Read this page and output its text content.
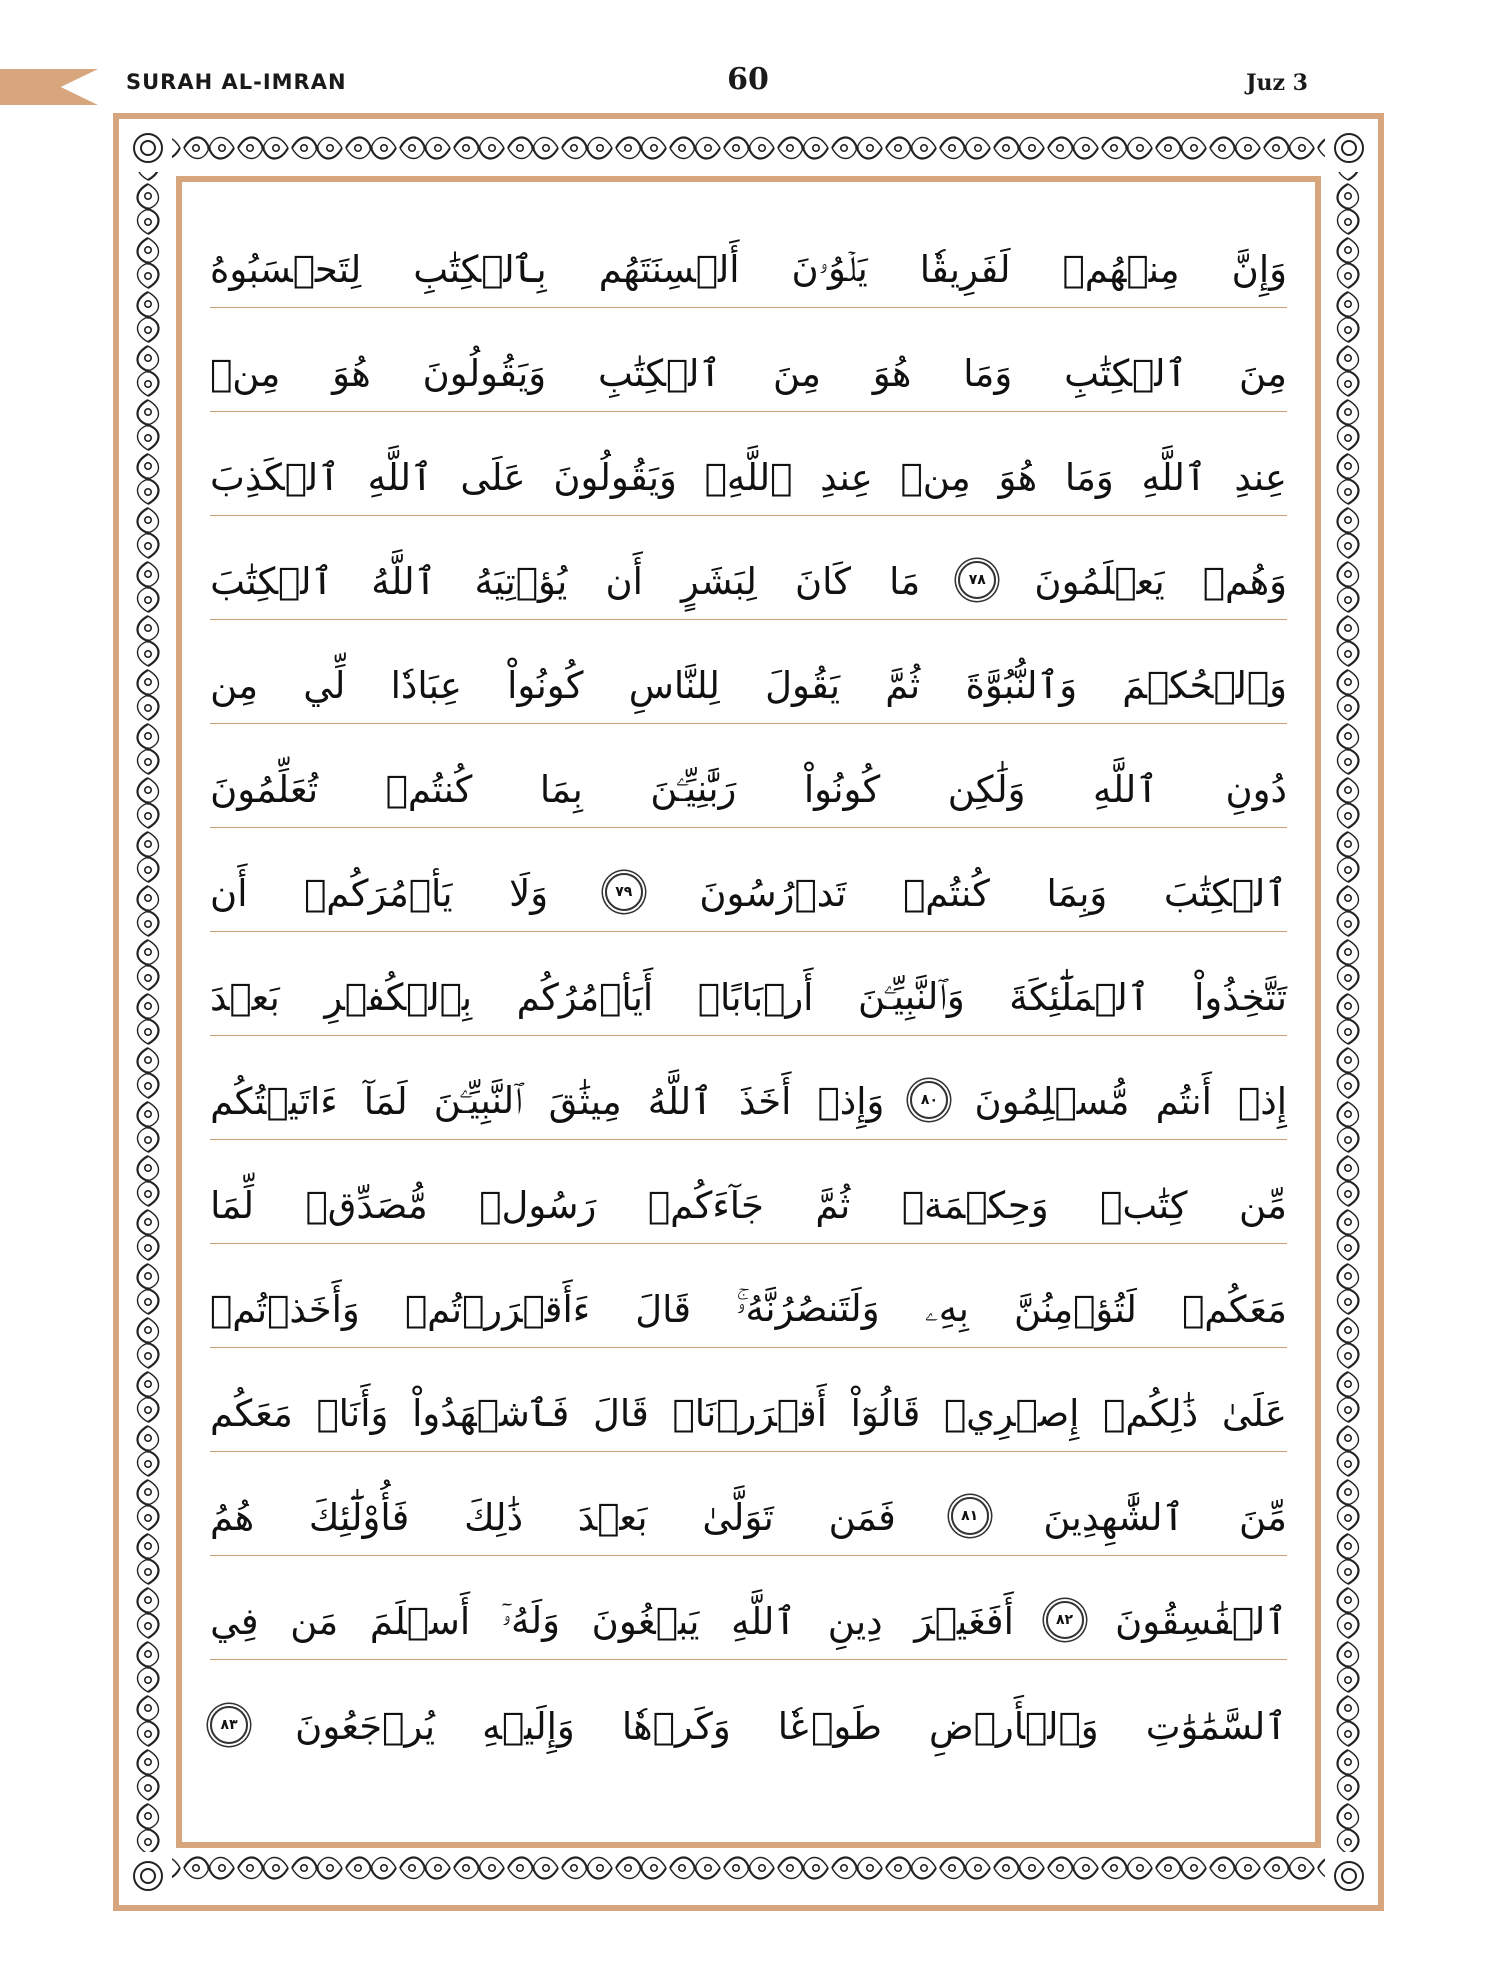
SURAH AL-IMRAN	60	Juz 3
وَإِنَّ
مِنۡهُمۡ
لَفَرِيقٗا
يَلۡوُۥنَ
أَلۡسِنَتَهُم
بِٱلۡكِتَٰبِ
لِتَحۡسَبُوهُ
مِنَ
ٱلۡكِتَٰبِ
وَمَا
هُوَ
مِنَ
ٱلۡكِتَٰبِ
وَيَقُولُونَ
هُوَ
مِنۡ
عِندِ
ٱللَّهِ
وَمَا
هُوَ
مِنۡ
عِندِ
ٱللَّهِۖ
وَيَقُولُونَ
عَلَى
ٱللَّهِ
ٱلۡكَذِبَ
وَهُمۡ
يَعۡلَمُونَ
٧٨
مَا
كَانَ
لِبَشَرٍ
أَن
يُؤۡتِيَهُ
ٱللَّهُ
ٱلۡكِتَٰبَ
وَٱلۡحُكۡمَ
وَٱلنُّبُوَّةَ
ثُمَّ
يَقُولَ
لِلنَّاسِ
كُونُواْ
عِبَادٗا
لِّي
مِن
دُونِ
ٱللَّهِ
وَلَٰكِن
كُونُواْ
رَبَّٰنِيِّـۧنَ
بِمَا
كُنتُمۡ
تُعَلِّمُونَ
ٱلۡكِتَٰبَ
وَبِمَا
كُنتُمۡ
تَدۡرُسُونَ
٧٩
وَلَا
يَأۡمُرَكُمۡ
أَن
تَتَّخِذُواْ
ٱلۡمَلَٰٓئِكَةَ
وَٱلنَّبِيِّـۧنَ
أَرۡبَابًاۚ
أَيَأۡمُرُكُم
بِٱلۡكُفۡرِ
بَعۡدَ
إِذۡ
أَنتُم
مُّسۡلِمُونَ
٨٠
وَإِذۡ
أَخَذَ
ٱللَّهُ
مِيثَٰقَ
ٱلنَّبِيِّـۧنَ
لَمَآ
ءَاتَيۡتُكُم
مِّن
كِتَٰبٖ
وَحِكۡمَةٖ
ثُمَّ
جَآءَكُمۡ
رَسُولٞ
مُّصَدِّقٞ
لِّمَا
مَعَكُمۡ
لَتُؤۡمِنُنَّ
بِهِۦ
وَلَتَنصُرُنَّهُۥۚ
قَالَ
ءَأَقۡرَرۡتُمۡ
وَأَخَذۡتُمۡ
عَلَىٰ
ذَٰلِكُمۡ
إِصۡرِيۖ
قَالُوٓاْ
أَقۡرَرۡنَاۚ
قَالَ
فَٱشۡهَدُواْ
وَأَنَا۠
مَعَكُم
مِّنَ
ٱلشَّٰهِدِينَ
٨١
فَمَن
تَوَلَّىٰ
بَعۡدَ
ذَٰلِكَ
فَأُوْلَٰٓئِكَ
هُمُ
ٱلۡفَٰسِقُونَ
٨٢
أَفَغَيۡرَ
دِينِ
ٱللَّهِ
يَبۡغُونَ
وَلَهُۥٓ
أَسۡلَمَ
مَن
فِي
ٱلسَّمَٰوَٰتِ
وَٱلۡأَرۡضِ
طَوۡعٗا
وَكَرۡهٗا
وَإِلَيۡهِ
يُرۡجَعُونَ
٨٣
